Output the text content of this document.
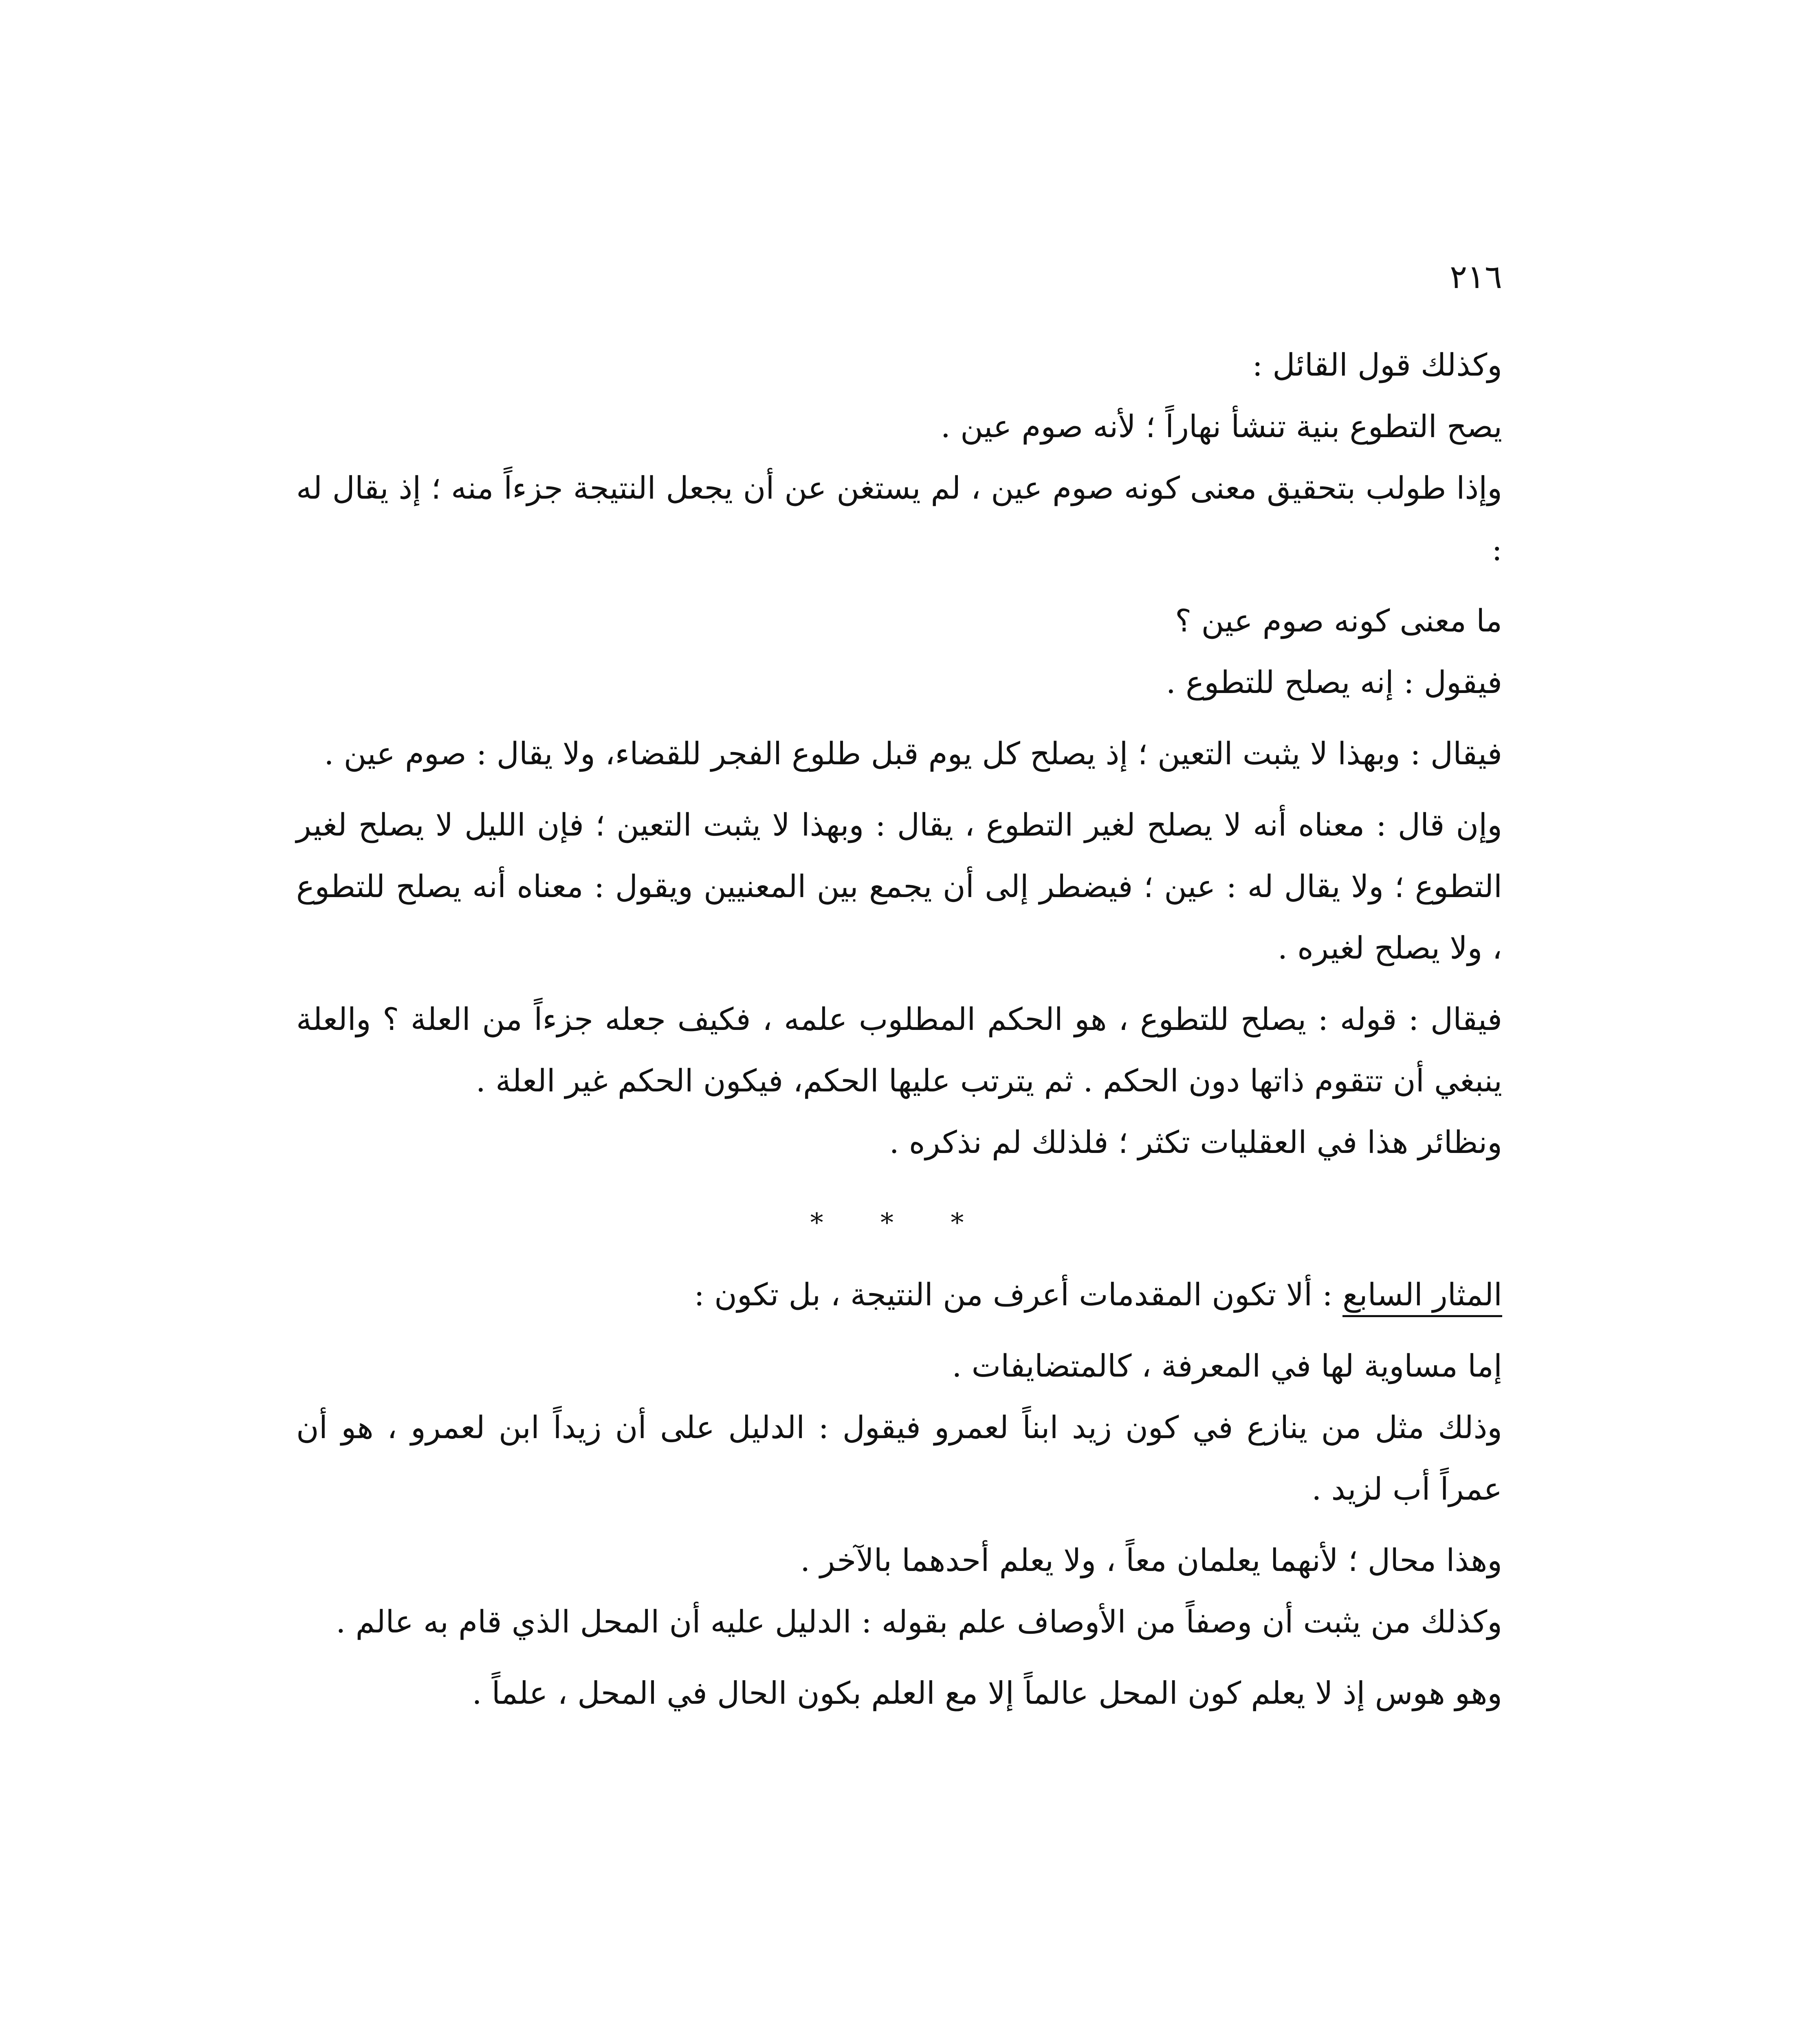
٢١٦

وكذلك قول القائل :

يصح التطوع بنية تنشأ نهاراً ؛ لأنه صوم عين .

وإذا طولب بتحقيق معنى كونه صوم عين ، لم يستغن عن أن يجعل النتيجة جزءاً منه ؛ إذ يقال له :

ما معنى كونه صوم عين ؟

فيقول : إنه يصلح للتطوع .

فيقال : وبهذا لا يثبت التعين ؛ إذ يصلح كل يوم قبل طلوع الفجر للقضاء، ولا يقال : صوم عين .

وإن قال : معناه أنه لا يصلح لغير التطوع ، يقال : وبهذا لا يثبت التعين ؛ فإن الليل لا يصلح لغير التطوع ؛ ولا يقال له : عين ؛ فيضطر إلى أن يجمع بين المعنيين ويقول : معناه أنه يصلح للتطوع ، ولا يصلح لغيره .

فيقال : قوله : يصلح للتطوع ، هو الحكم المطلوب علمه ، فكيف جعله جزءاً من العلة ؟ والعلة ينبغي أن تتقوم ذاتها دون الحكم . ثم يترتب عليها الحكم، فيكون الحكم غير العلة .

ونظائر هذا في العقليات تكثر ؛ فلذلك لم نذكره .

* * *

المثار السابع : ألا تكون المقدمات أعرف من النتيجة ، بل تكون :

إما مساوية لها في المعرفة ، كالمتضايفات .

وذلك مثل من ينازع في كون زيد ابناً لعمرو فيقول : الدليل على أن زيداً ابن لعمرو ، هو أن عمراً أب لزيد .

وهذا محال ؛ لأنهما يعلمان معاً ، ولا يعلم أحدهما بالآخر .

وكذلك من يثبت أن وصفاً من الأوصاف علم بقوله : الدليل عليه أن المحل الذي قام به عالم .

وهو هوس إذ لا يعلم كون المحل عالماً إلا مع العلم بكون الحال في المحل ، علماً .
